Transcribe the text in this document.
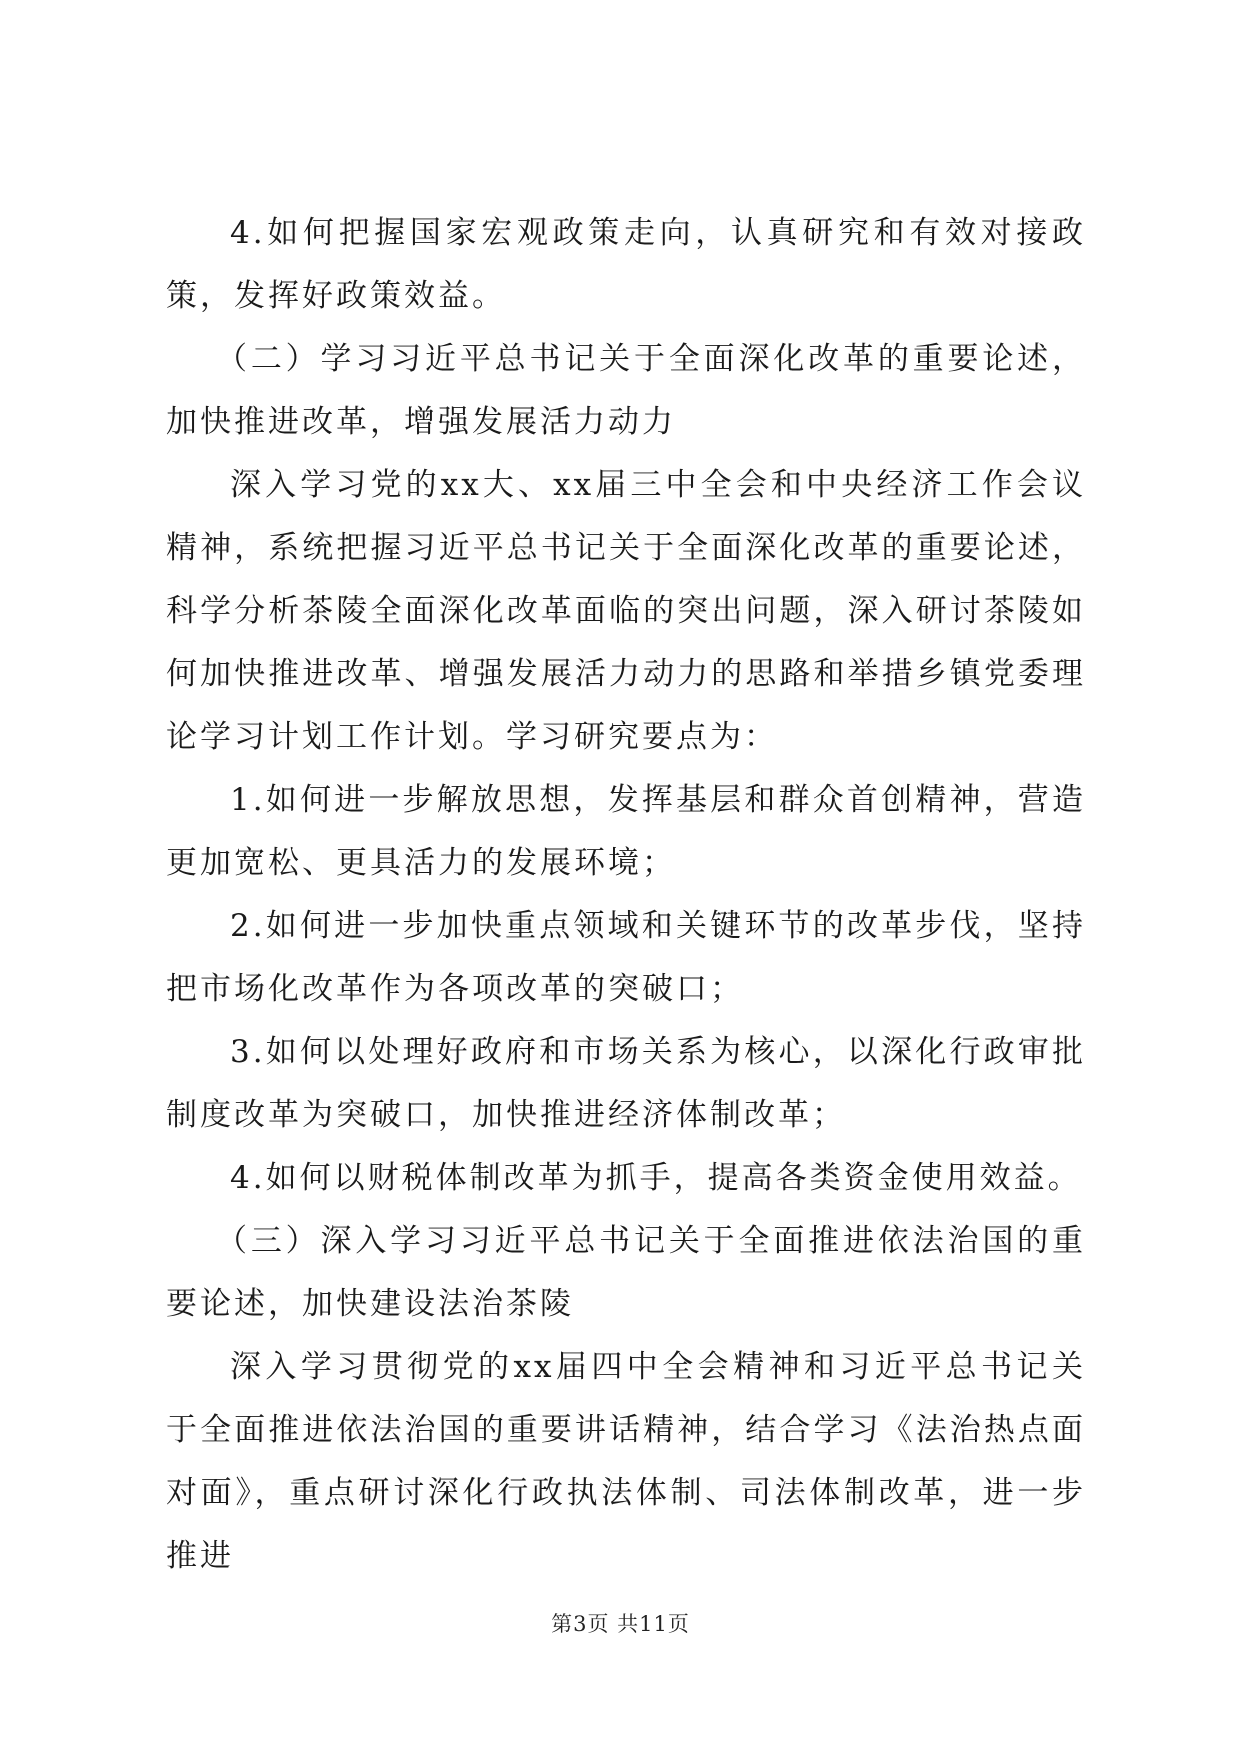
4.如何把握国家宏观政策走向，认真研究和有效对接政策，发挥好政策效益。

（二）学习习近平总书记关于全面深化改革的重要论述，加快推进改革，增强发展活力动力

深入学习党的xx大、xx届三中全会和中央经济工作会议精神，系统把握习近平总书记关于全面深化改革的重要论述，科学分析茶陵全面深化改革面临的突出问题，深入研讨茶陵如何加快推进改革、增强发展活力动力的思路和举措乡镇党委理论学习计划工作计划。学习研究要点为：

1.如何进一步解放思想，发挥基层和群众首创精神，营造更加宽松、更具活力的发展环境；

2.如何进一步加快重点领域和关键环节的改革步伐，坚持把市场化改革作为各项改革的突破口；

3.如何以处理好政府和市场关系为核心，以深化行政审批制度改革为突破口，加快推进经济体制改革；

4.如何以财税体制改革为抓手，提高各类资金使用效益。

（三）深入学习习近平总书记关于全面推进依法治国的重要论述，加快建设法治茶陵

深入学习贯彻党的xx届四中全会精神和习近平总书记关于全面推进依法治国的重要讲话精神，结合学习《法治热点面对面》，重点研讨深化行政执法体制、司法体制改革，进一步推进

第3页 共11页
